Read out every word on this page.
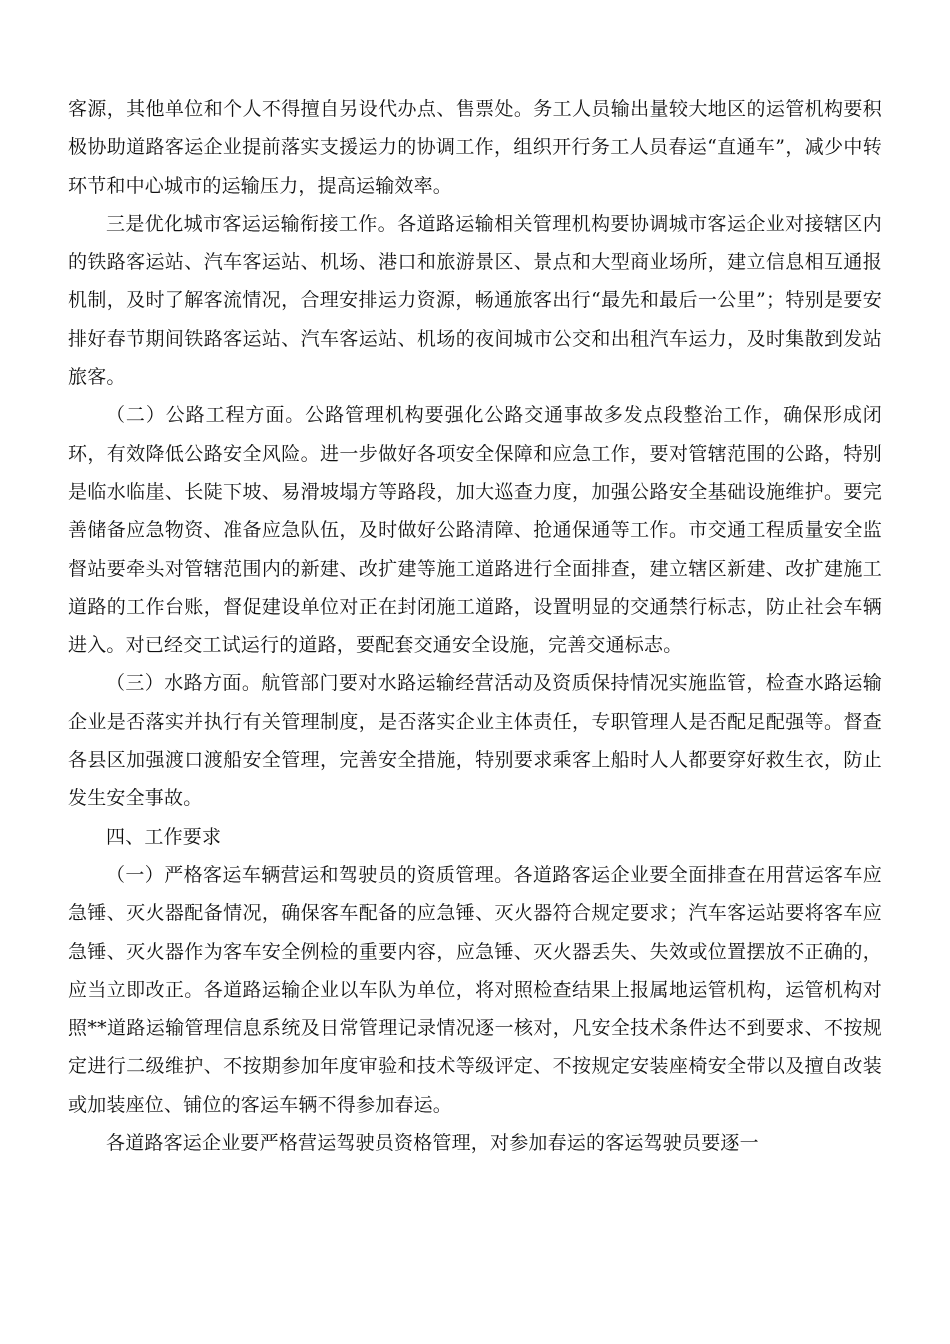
客源，其他单位和个人不得擅自另设代办点、售票处。务工人员输出量较大地区的运管机构要积极协助道路客运企业提前落实支援运力的协调工作，组织开行务工人员春运“直通车”，减少中转环节和中心城市的运输压力，提高运输效率。

三是优化城市客运运输衔接工作。各道路运输相关管理机构要协调城市客运企业对接辖区内的铁路客运站、汽车客运站、机场、港口和旅游景区、景点和大型商业场所，建立信息相互通报机制，及时了解客流情况，合理安排运力资源，畅通旅客出行“最先和最后一公里”；特别是要安排好春节期间铁路客运站、汽车客运站、机场的夜间城市公交和出租汽车运力，及时集散到发站旅客。

（二）公路工程方面。公路管理机构要强化公路交通事故多发点段整治工作，确保形成闭环，有效降低公路安全风险。进一步做好各项安全保障和应急工作，要对管辖范围的公路，特别是临水临崖、长陡下坡、易滑坡塌方等路段，加大巡查力度，加强公路安全基础设施维护。要完善储备应急物资、准备应急队伍，及时做好公路清障、抢通保通等工作。市交通工程质量安全监督站要牵头对管辖范围内的新建、改扩建等施工道路进行全面排查，建立辖区新建、改扩建施工道路的工作台账，督促建设单位对正在封闭施工道路，设置明显的交通禁行标志，防止社会车辆进入。对已经交工试运行的道路，要配套交通安全设施，完善交通标志。

（三）水路方面。航管部门要对水路运输经营活动及资质保持情况实施监管，检查水路运输企业是否落实并执行有关管理制度，是否落实企业主体责任，专职管理人是否配足配强等。督查各县区加强渡口渡船安全管理，完善安全措施，特别要求乘客上船时人人都要穿好救生衣，防止发生安全事故。

四、工作要求

（一）严格客运车辆营运和驾驶员的资质管理。各道路客运企业要全面排查在用营运客车应急锤、灭火器配备情况，确保客车配备的应急锤、灭火器符合规定要求；汽车客运站要将客车应急锤、灭火器作为客车安全例检的重要内容，应急锤、灭火器丢失、失效或位置摆放不正确的，应当立即改正。各道路运输企业以车队为单位，将对照检查结果上报属地运管机构，运管机构对照**道路运输管理信息系统及日常管理记录情况逐一核对，凡安全技术条件达不到要求、不按规定进行二级维护、不按期参加年度审验和技术等级评定、不按规定安装座椅安全带以及擅自改装或加装座位、铺位的客运车辆不得参加春运。

各道路客运企业要严格营运驾驶员资格管理，对参加春运的客运驾驶员要逐一
